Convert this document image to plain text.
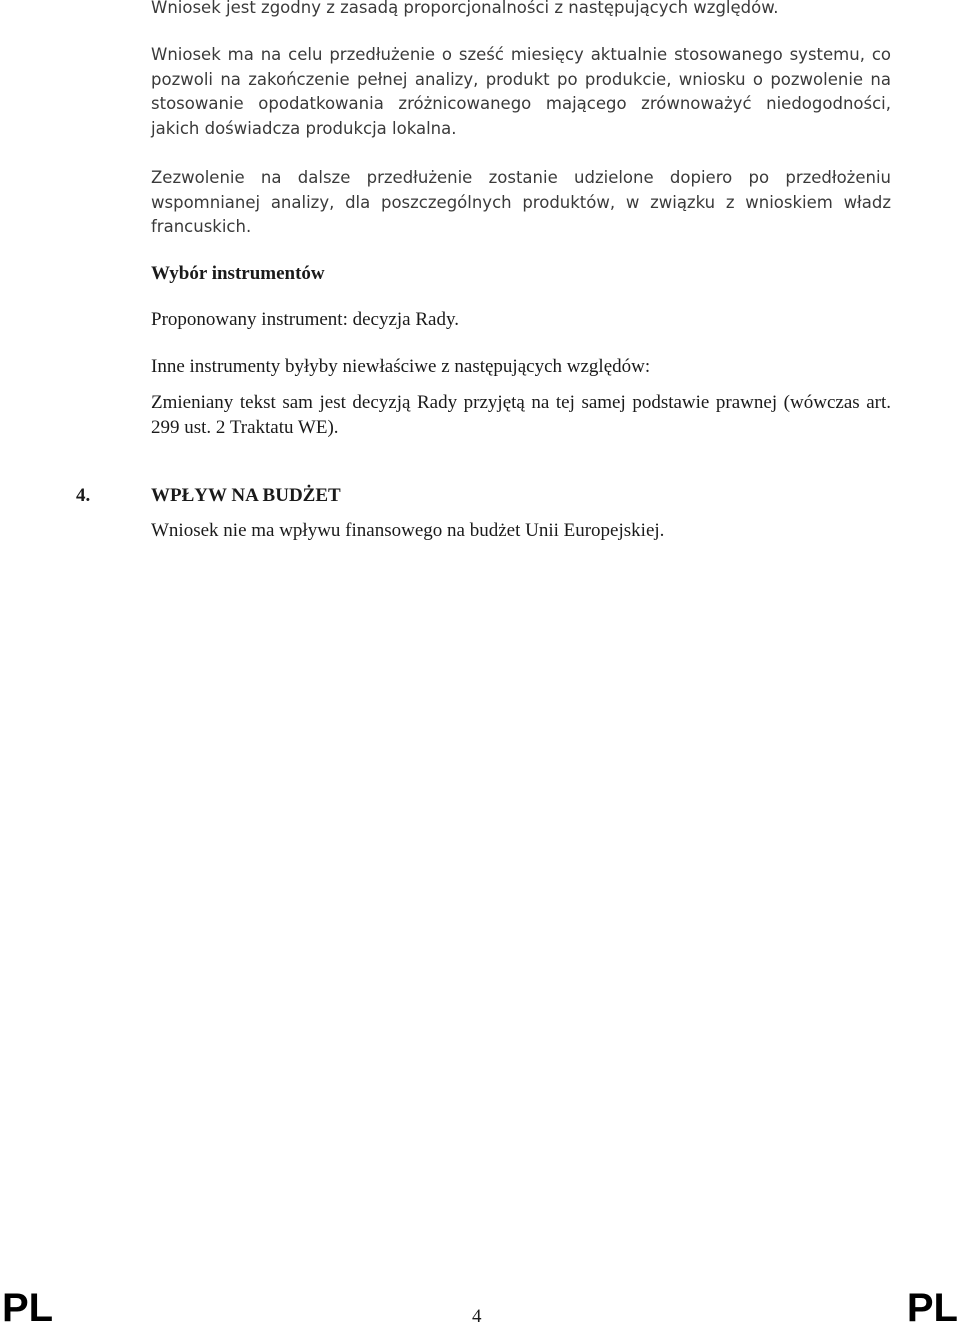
Wniosek jest zgodny z zasadą proporcjonalności z następujących względów.

Wniosek ma na celu przedłużenie o sześć miesięcy aktualnie stosowanego systemu, co pozwoli na zakończenie pełnej analizy, produkt po produkcie, wniosku o pozwolenie na stosowanie opodatkowania zróżnicowanego mającego zrównoważyć niedogodności, jakich doświadcza produkcja lokalna.

Zezwolenie na dalsze przedłużenie zostanie udzielone dopiero po przedłożeniu wspomnianej analizy, dla poszczególnych produktów, w związku z wnioskiem władz francuskich.

Wybór instrumentów

Proponowany instrument: decyzja Rady.

Inne instrumenty byłyby niewłaściwe z następujących względów:

Zmieniany tekst sam jest decyzją Rady przyjętą na tej samej podstawie prawnej (wówczas art. 299 ust. 2 Traktatu WE).

4.	WPŁYW NA BUDŻET

Wniosek nie ma wpływu finansowego na budżet Unii Europejskiej.

PL	4	PL
